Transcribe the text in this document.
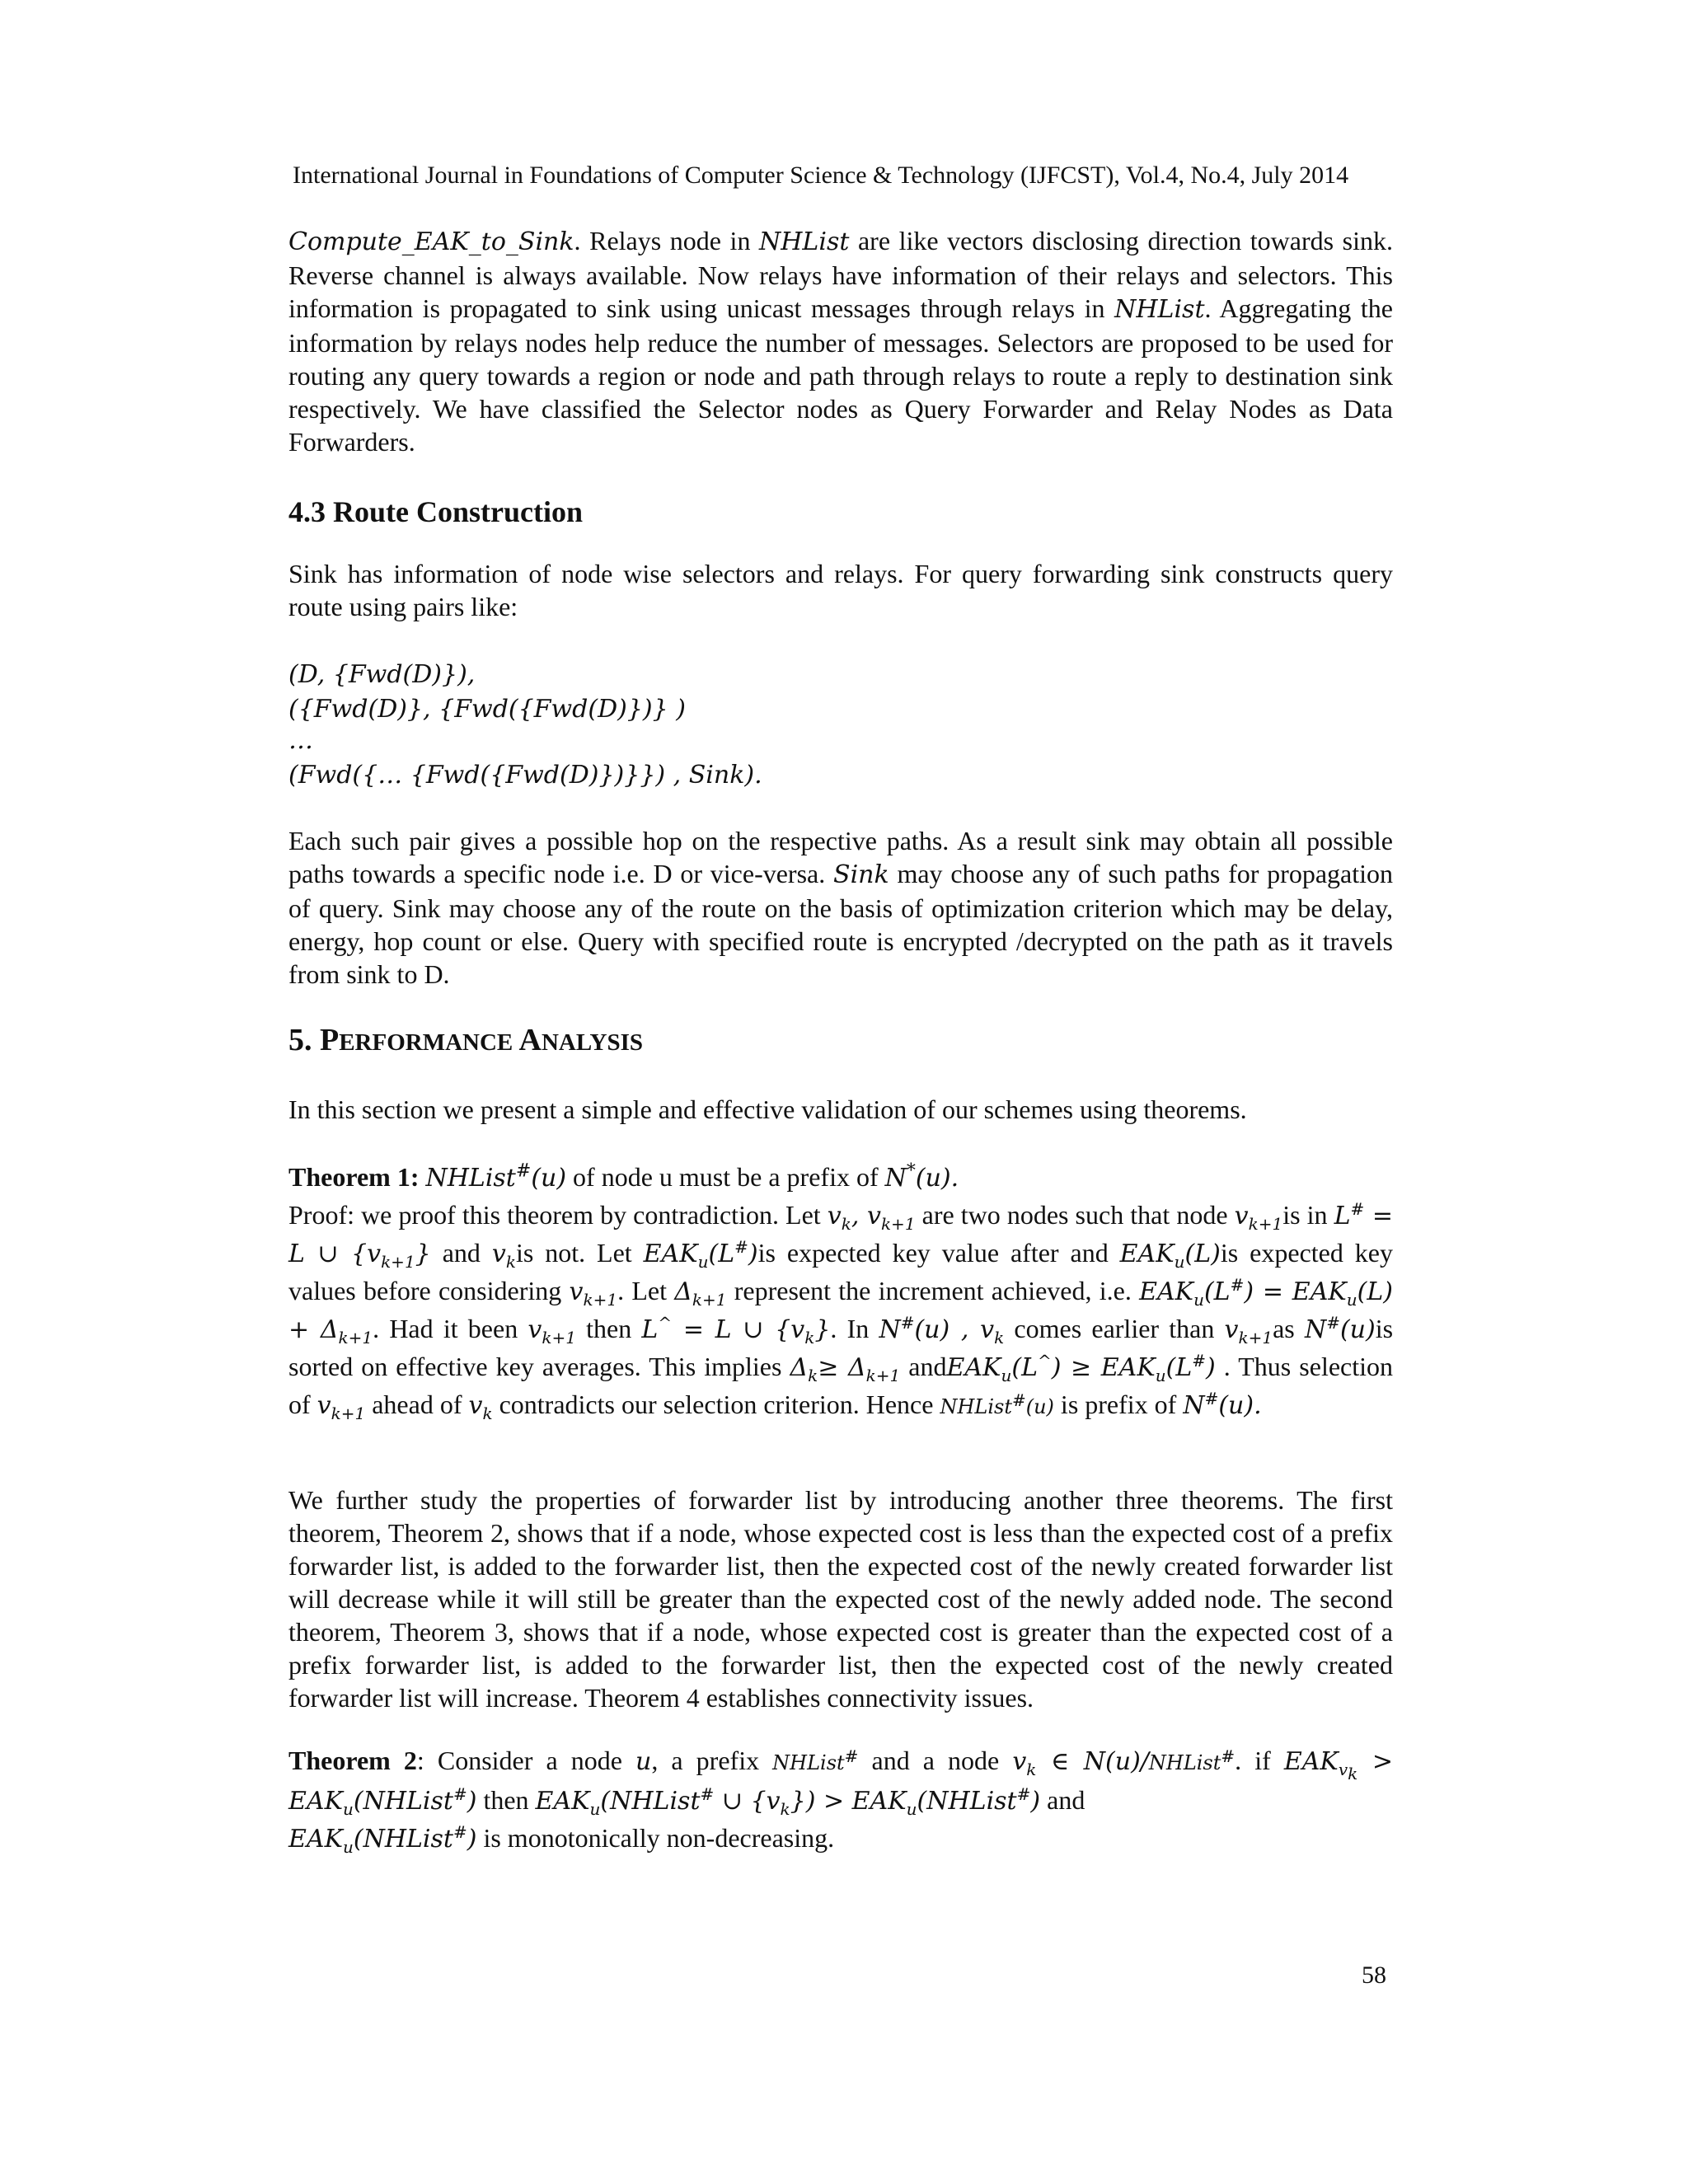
International Journal in Foundations of Computer Science & Technology (IJFCST), Vol.4, No.4, July 2014

Compute_EAK_to_Sink. Relays node in NHList are like vectors disclosing direction towards sink. Reverse channel is always available. Now relays have information of their relays and selectors. This information is propagated to sink using unicast messages through relays in NHList. Aggregating the information by relays nodes help reduce the number of messages. Selectors are proposed to be used for routing any query towards a region or node and path through relays to route a reply to destination sink respectively. We have classified the Selector nodes as Query Forwarder and Relay Nodes as Data Forwarders.

4.3 Route Construction

Sink has information of node wise selectors and relays. For query forwarding sink constructs query route using pairs like:

(D, {Fwd(D)}),
({Fwd(D)}, {Fwd({Fwd(D)})} )
…
(Fwd({… {Fwd({Fwd(D)})}}) , Sink).

Each such pair gives a possible hop on the respective paths. As a result sink may obtain all possible paths towards a specific node i.e. D or vice-versa. Sink may choose any of such paths for propagation of query. Sink may choose any of the route on the basis of optimization criterion which may be delay, energy, hop count or else. Query with specified route is encrypted /decrypted on the path as it travels from sink to D.

5. PERFORMANCE ANALYSIS

In this section we present a simple and effective validation of our schemes using theorems.

Theorem 1: NHList#(u) of node u must be a prefix of N*(u).

Proof: we proof this theorem by contradiction. Let $v_k$, $v_{k+1}$ are two nodes such that node $v_{k+1}is$ in L# = L ∪ $\{v_{k+1}\}$ and $v_kis$ not. Let $EAK_u(L^{\#})is$ expected key value after and $EAK_u(L)is$ expected key values before considering $v_{k+1}$. Let $\Delta_{k+1}$ represent the increment achieved, i.e. $EAK_u(L^{\#}) = EAK_u(L) + \Delta_{k+1}$. Had it been $v_{k+1}$ then L^ = L ∪ $\{v_k\}$. In N#(u) , $v_k$ comes earlier than $v_{k+1}as$ N#(u)is sorted on effective key averages. This implies $\Delta_k\ge \Delta_{k+1}$ andEAK$_u$(L^) ≥ $EAK_u(L^{\#})$ . Thus selection of $v_{k+1}$ ahead of $v_k$ contradicts our selection criterion. Hence NHList#(u) is prefix of N#(u).

We further study the properties of forwarder list by introducing another three theorems. The first theorem, Theorem 2, shows that if a node, whose expected cost is less than the expected cost of a prefix forwarder list, is added to the forwarder list, then the expected cost of the newly created forwarder list will decrease while it will still be greater than the expected cost of the newly added node. The second theorem, Theorem 3, shows that if a node, whose expected cost is greater than the expected cost of a prefix forwarder list, is added to the forwarder list, then the expected cost of the newly created forwarder list will increase. Theorem 4 establishes connectivity issues.

Theorem 2: Consider a node u, a prefix NHList# and a node $v_k$ ∈ N(u)/NHList#. if $EAK_{v_k}$ > $EAK_u(NHList^{\#})$ then $EAK_u(NHList^{\#}$ ∪ $\{v_k\}$) > $EAK_u(NHList^{\#})$ and
$EAK_u(NHList^{\#})$ is monotonically non-decreasing.

58
